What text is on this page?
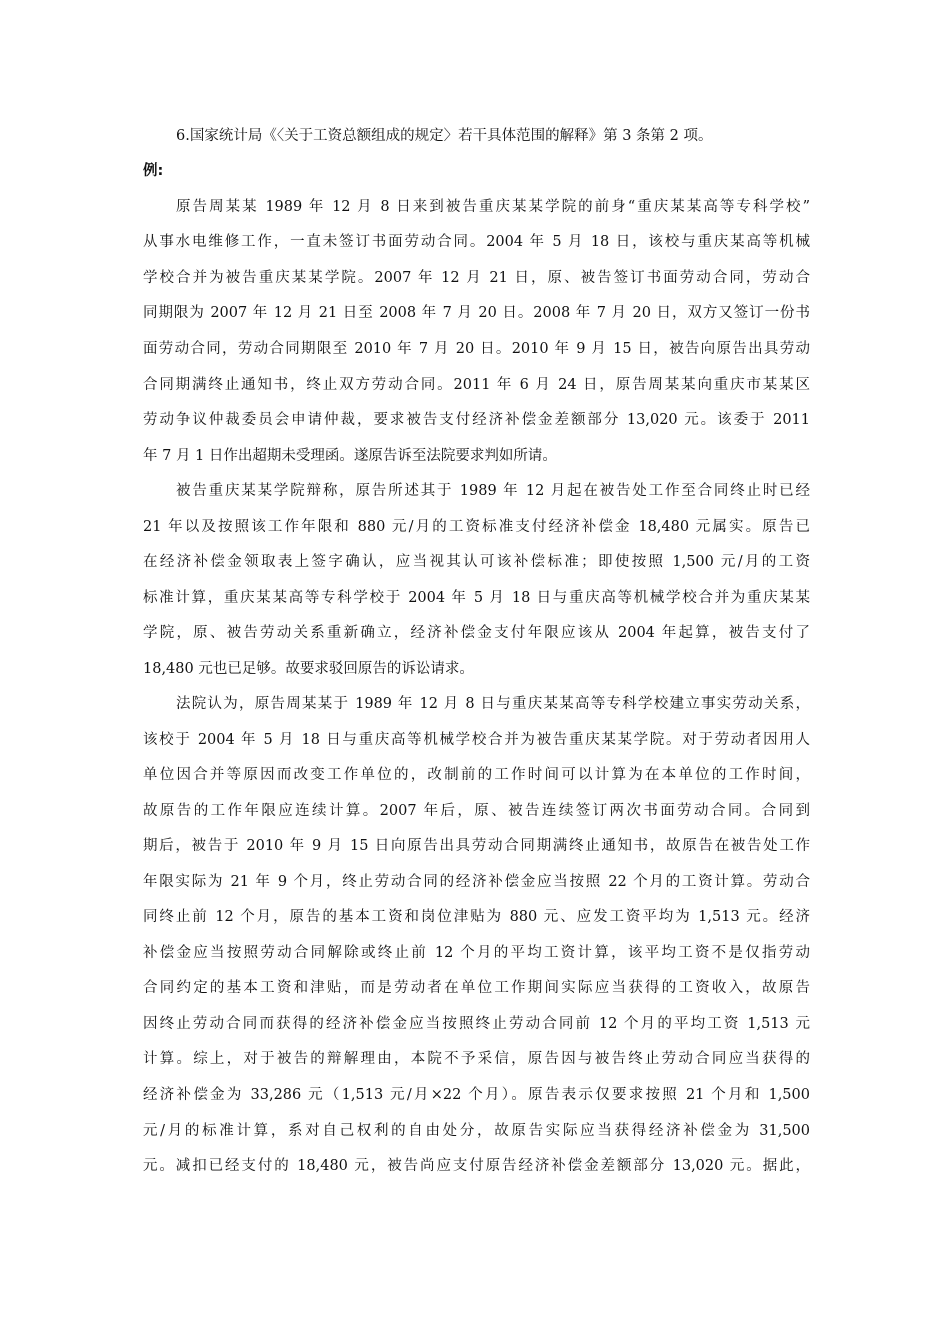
6.国家统计局《〈关于工资总额组成的规定〉若干具体范围的解释》第 3 条第 2 项。
例:
原告周某某 1989 年 12 月 8 日来到被告重庆某某学院的前身“重庆某某高等专科学校”
从事水电维修工作，一直未签订书面劳动合同。2004 年 5 月 18 日，该校与重庆某高等机械
学校合并为被告重庆某某学院。2007 年 12 月 21 日，原、被告签订书面劳动合同，劳动合
同期限为 2007 年 12 月 21 日至 2008 年 7 月 20 日。2008 年 7 月 20 日，双方又签订一份书
面劳动合同，劳动合同期限至 2010 年 7 月 20 日。2010 年 9 月 15 日，被告向原告出具劳动
合同期满终止通知书，终止双方劳动合同。2011 年 6 月 24 日，原告周某某向重庆市某某区
劳动争议仲裁委员会申请仲裁，要求被告支付经济补偿金差额部分 13,020 元。该委于 2011
年 7 月 1 日作出超期未受理函。遂原告诉至法院要求判如所请。
被告重庆某某学院辩称，原告所述其于 1989 年 12 月起在被告处工作至合同终止时已经
21 年以及按照该工作年限和 880 元/月的工资标准支付经济补偿金 18,480 元属实。原告已
在经济补偿金领取表上签字确认，应当视其认可该补偿标准；即使按照 1,500 元/月的工资
标准计算，重庆某某高等专科学校于 2004 年 5 月 18 日与重庆高等机械学校合并为重庆某某
学院，原、被告劳动关系重新确立，经济补偿金支付年限应该从 2004 年起算，被告支付了
18,480 元也已足够。故要求驳回原告的诉讼请求。
法院认为，原告周某某于 1989 年 12 月 8 日与重庆某某高等专科学校建立事实劳动关系，
该校于 2004 年 5 月 18 日与重庆高等机械学校合并为被告重庆某某学院。对于劳动者因用人
单位因合并等原因而改变工作单位的，改制前的工作时间可以计算为在本单位的工作时间，
故原告的工作年限应连续计算。2007 年后，原、被告连续签订两次书面劳动合同。合同到
期后，被告于 2010 年 9 月 15 日向原告出具劳动合同期满终止通知书，故原告在被告处工作
年限实际为 21 年 9 个月，终止劳动合同的经济补偿金应当按照 22 个月的工资计算。劳动合
同终止前 12 个月，原告的基本工资和岗位津贴为 880 元、应发工资平均为 1,513 元。经济
补偿金应当按照劳动合同解除或终止前 12 个月的平均工资计算，该平均工资不是仅指劳动
合同约定的基本工资和津贴，而是劳动者在单位工作期间实际应当获得的工资收入，故原告
因终止劳动合同而获得的经济补偿金应当按照终止劳动合同前 12 个月的平均工资 1,513 元
计算。综上，对于被告的辩解理由，本院不予采信，原告因与被告终止劳动合同应当获得的
经济补偿金为 33,286 元（1,513 元/月×22 个月）。原告表示仅要求按照 21 个月和 1,500
元/月的标准计算，系对自己权利的自由处分，故原告实际应当获得经济补偿金为 31,500
元。减扣已经支付的 18,480 元，被告尚应支付原告经济补偿金差额部分 13,020 元。据此，
